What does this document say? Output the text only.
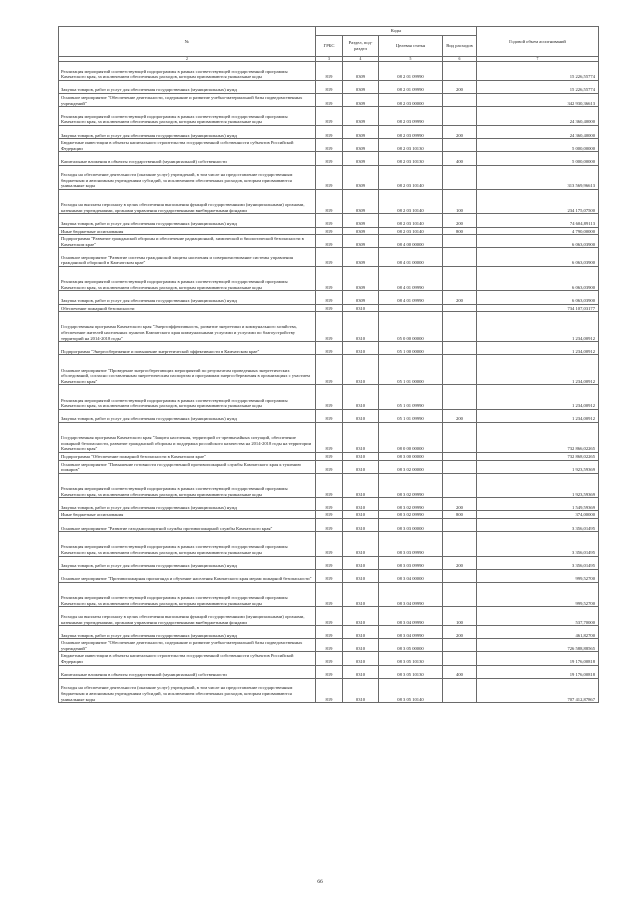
№	Коды				Годовой объем ассигнований
	ГРБС	Раздел, под-раздел	Целевая статья	Вид расходов	
2	3	4	5	6	7
Реализация мероприятий соответствующей подпрограммы в рамках соответствующей государственной программы Камчатского края, за исключением обеспеченных расходов, которым присваиваются уникальные коды	819	0309	08 2 01 09990		15 226,55774
Закупка товаров, работ и услуг для обеспечения государственных (муниципальных) нужд	819	0309	08 2 01 09990	200	15 226,55774
Основное мероприятие "Обеспечение деятельности, содержание и развитие учебно-материальной базы подведомственных учреждений"	819	0309	08 2 03 00000		342 930,36613
Реализация мероприятий соответствующей подпрограммы в рамках соответствующей государственной программы Камчатского края, за исключением обеспеченных расходов, которым присваиваются уникальные коды	819	0309	08 2 03 09990		24 360,40000
Закупка товаров, работ и услуг для обеспечения государственных (муниципальных) нужд	819	0309	08 2 03 09990	200	24 360,40000
Бюджетные инвестиции в объекты капитального строительства государственной собственности субъектов Российской Федерации	819	0309	08 2 03 10130		5 000,00000
Капитальные вложения в объекты государственной (муниципальной) собственности	819	0309	08 2 03 10130	400	5 000,00000
Расходы на обеспечение деятельности (оказание услуг) учреждений, в том числе на предоставление государственным бюджетным и автономным учреждениям субсидий, за исключением обеспеченных расходов, которым присваиваются уникальные коды	819	0309	08 2 03 10140		313 569,96613
Расходы на выплаты персоналу в целях обеспечения выполнения функций государственными (муниципальными) органами, казенными учреждениями, органами управления государственными внебюджетными фондами	819	0309	08 2 03 10140	100	234 175,07500
Закупка товаров, работ и услуг для обеспечения государственных (муниципальных) нужд	819	0309	08 2 03 10140	200	74 604,89113
Иные бюджетные ассигнования	819	0309	08 2 03 10140	800	4 790,00000
Подпрограмма "Развитие гражданской обороны и обеспечение радиационной, химической и биологической безопасности в Камчатском крае"	819	0309	08 4 00 00000		6 063,03900
Основное мероприятие "Развитие системы гражданской защиты населения и совершенствование системы управления гражданской обороной в Камчатском крае"	819	0309	08 4 01 00000		6 063,03900
Реализация мероприятий соответствующей подпрограммы в рамках соответствующей государственной программы Камчатского края, за исключением обеспеченных расходов, которым присваиваются уникальные коды	819	0309	08 4 01 09990		6 063,03900
Закупка товаров, работ и услуг для обеспечения государственных (муниципальных) нужд	819	0309	08 4 01 09990	200	6 063,03900
Обеспечение пожарной безопасности	819	0310			734 107,03177
Государственная программа Камчатского края "Энергоэффективность, развитие энергетики и коммунального хозяйства, обеспечение жителей населенных пунктов Камчатского края коммунальными услугами и услугами по благоустройству территорий на 2014-2018 годы"	819	0310	05 0 00 00000		1 234,00912
Подпрограмма "Энергосбережение и повышение энергетической эффективности в Камчатском крае"	819	0310	05 1 00 00000		1 234,00912
Основное мероприятие "Проведение энергосберегающих мероприятий по результатам проведенных энергетических обследований, согласно составленным энергетическим паспортам и программам энергосбережения в организациях с участием Камчатского края"	819	0310	05 1 01 00000		1 234,00912
Реализация мероприятий соответствующей подпрограммы в рамках соответствующей государственной программы Камчатского края, за исключением обеспеченных расходов, которым присваиваются уникальные коды	819	0310	05 1 01 09990		1 234,00912
Закупка товаров, работ и услуг для обеспечения государственных (муниципальных) нужд	819	0310	05 1 01 09990	200	1 234,00912
Государственная программа Камчатского края "Защита населения, территорий от чрезвычайных ситуаций, обеспечение пожарной безопасности, развитие гражданской обороны и поддержка российского казачества на 2014-2018 годы на территории Камчатского края"	819	0310	08 0 00 00000		732 866,02265
Подпрограмма "Обеспечение пожарной безопасности в Камчатском крае"	819	0310	08 3 00 00000		732 868,02265
Основное мероприятие "Повышение готовности государственной противопожарной службы Камчатского края к тушению пожаров"	819	0310	08 3 02 00000		1 923,59369
Реализация мероприятий соответствующей подпрограммы в рамках соответствующей государственной программы Камчатского края, за исключением обеспеченных расходов, которым присваиваются уникальные коды	819	0310	08 3 02 09990		1 923,59369
Закупка товаров, работ и услуг для обеспечения государственных (муниципальных) нужд	819	0310	08 3 02 09990	200	1 549,59369
Иные бюджетные ассигнования	819	0310	08 3 02 09990	800	374,00000
Основное мероприятие "Развитие газодымозащитной службы противопожарной службы Камчатского края"	819	0310	08 3 03 00000		3 356,01495
Реализация мероприятий соответствующей подпрограммы в рамках соответствующей государственной программы Камчатского края, за исключением обеспеченных расходов, которым присваиваются уникальные коды	819	0310	08 3 03 09990		3 356,01495
Закупка товаров, работ и услуг для обеспечения государственных (муниципальных) нужд	819	0310	08 3 03 09990	200	3 356,01495
Основное мероприятие "Противопожарная пропаганда и обучение населения Камчатского края мерам пожарной безопасности"	819	0310	08 3 04 00000		999,52700
Реализация мероприятий соответствующей подпрограммы в рамках соответствующей государственной программы Камчатского края, за исключением обеспеченных расходов, которым присваиваются уникальные коды	819	0310	08 3 04 09990		999,52700
Расходы на выплаты персоналу в целях обеспечения выполнения функций государственными (муниципальными) органами, казенными учреждениями, органами управления государственными внебюджетными фондами	819	0310	08 3 04 09990	100	537,70000
Закупка товаров, работ и услуг для обеспечения государственных (муниципальных) нужд	819	0310	08 3 04 09990	200	461,82700
Основное мероприятие "Обеспечение деятельности, содержание и развитие учебно-материальной базы подведомственных учреждений"	819	0310	08 3 05 00000		726 588,88565
Бюджетные инвестиции в объекты капитального строительства государственной собственности субъектов Российской Федерации	819	0310	08 3 05 10130		19 176,00818
Капитальные вложения в объекты государственной (муниципальной) собственности	819	0310	08 3 05 10130	400	19 176,00818
Расходы на обеспечение деятельности (оказание услуг) учреждений, в том числе на предоставление государственным бюджетным и автономным учреждениям субсидий, за исключением обеспеченных расходов, которым присваиваются уникальные коды	819	0310	08 3 05 10140		707 412,87867
66
